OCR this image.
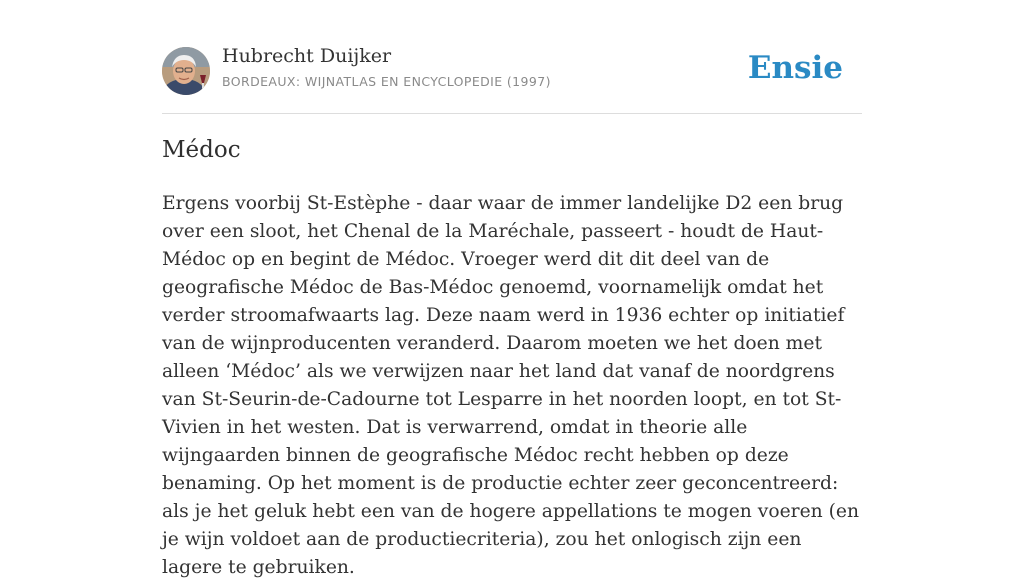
Hubrecht Duijker
BORDEAUX: WIJNATLAS EN ENCYCLOPEDIE (1997)	Ensie
Médoc

Ergens voorbij St-Estèphe - daar waar de immer landelijke D2 een brug over een sloot, het Chenal de la Maréchale, passeert - houdt de Haut- Médoc op en begint de Médoc. Vroeger werd dit dit deel van de geografische Médoc de Bas-Médoc genoemd, voornamelijk omdat het verder stroomafwaarts lag. Deze naam werd in 1936 echter op initiatief van de wijnproducenten veranderd. Daarom moeten we het doen met alleen ‘Médoc’ als we verwijzen naar het land dat vanaf de noordgrens van St-Seurin-de-Cadourne tot Lesparre in het noorden loopt, en tot St- Vivien in het westen. Dat is verwarrend, omdat in theorie alle wijngaarden binnen de geografische Médoc recht hebben op deze benaming. Op het moment is de productie echter zeer geconcentreerd: als je het geluk hebt een van de hogere appellations te mogen voeren (en je wijn voldoet aan de productiecriteria), zou het onlogisch zijn een lagere te gebruiken.
